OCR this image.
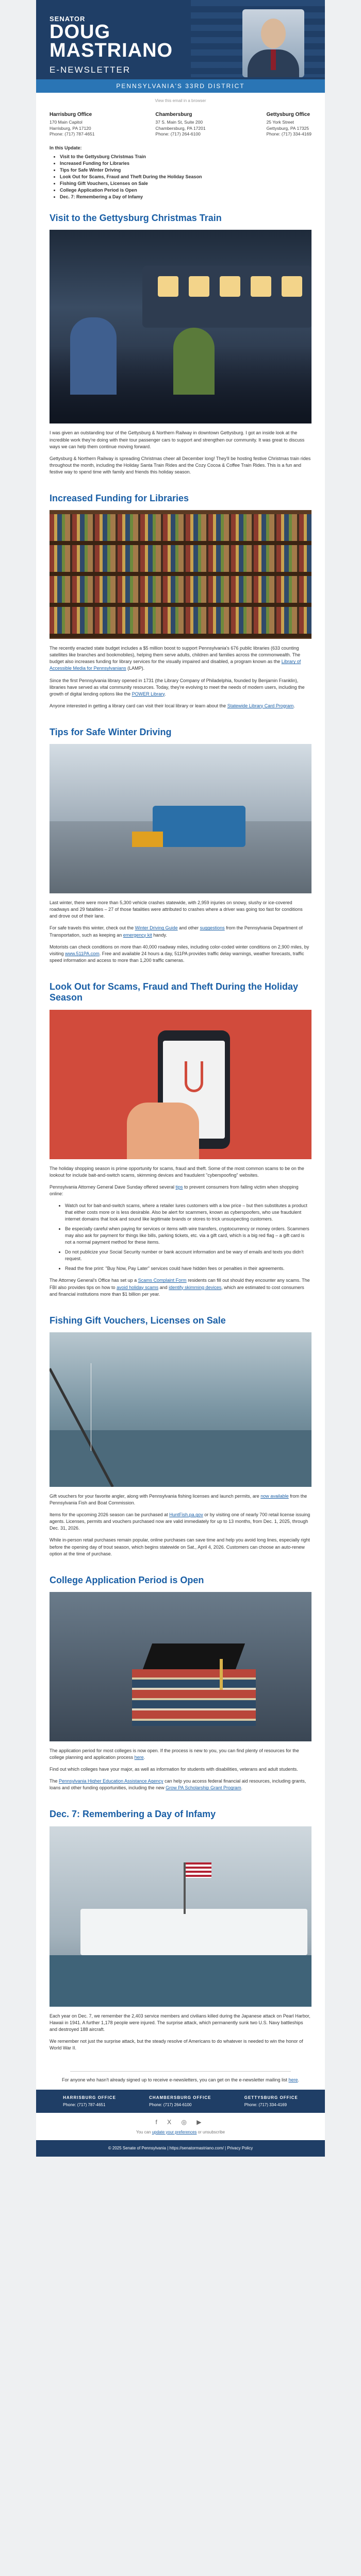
SENATOR
DOUG
MASTRIANO
E-NEWSLETTER
PENNSYLVANIA'S 33RD DISTRICT
View this email in a browser
Harrisburg Office

170 Main Capitol

Harrisburg, PA 17120

Phone: (717) 787-4651

Chambersburg

37 S. Main St, Suite 200

Chambersburg, PA 17201

Phone: (717) 264-6100

Gettysburg Office

25 York Street

Gettysburg, PA 17325

Phone: (717) 334-4169

In this Update:
• Visit to the Gettysburg Christmas Train
• Increased Funding for Libraries
• Tips for Safe Winter Driving
• Look Out for Scams, Fraud and Theft During the Holiday Season
• Fishing Gift Vouchers, Licenses on Sale
• College Application Period is Open
• Dec. 7: Remembering a Day of Infamy
Visit to the Gettysburg Christmas Train

I was given an outstanding tour of the Gettysburg & Northern Railway in downtown Gettysburg. I got an inside look at the incredible work they're doing with their tour passenger cars to support and strengthen our community. It was great to discuss ways we can help them continue moving forward.

Gettysburg & Northern Railway is spreading Christmas cheer all December long! They'll be hosting festive Christmas train rides throughout the month, including the Holiday Santa Train Rides and the Cozy Cocoa & Coffee Train Rides. This is a fun and festive way to spend time with family and friends this holiday season.

Increased Funding for Libraries

The recently enacted state budget includes a $5 million boost to support Pennsylvania's 676 public libraries (633 counting satellites like branches and bookmobiles), helping them serve adults, children and families across the commonwealth. The budget also increases funding for library services for the visually impaired and disabled, a program known as the Library of Accessible Media for Pennsylvanians (LAMP).

Since the first Pennsylvania library opened in 1731 (the Library Company of Philadelphia, founded by Benjamin Franklin), libraries have served as vital community resources. Today, they're evolving to meet the needs of modern users, including the growth of digital lending options like the POWER Library.

Anyone interested in getting a library card can visit their local library or learn about the Statewide Library Card Program.

Tips for Safe Winter Driving

Last winter, there were more than 5,300 vehicle crashes statewide, with 2,959 injuries on snowy, slushy or ice-covered roadways and 29 fatalities – 27 of those fatalities were attributed to crashes where a driver was going too fast for conditions and drove out of their lane.

For safe travels this winter, check out the Winter Driving Guide and other suggestions from the Pennsylvania Department of Transportation, such as keeping an emergency kit handy.

Motorists can check conditions on more than 40,000 roadway miles, including color-coded winter conditions on 2,900 miles, by visiting www.511PA.com. Free and available 24 hours a day, 511PA provides traffic delay warnings, weather forecasts, traffic speed information and access to more than 1,200 traffic cameras.

Look Out for Scams, Fraud and Theft During the Holiday Season

The holiday shopping season is prime opportunity for scams, fraud and theft. Some of the most common scams to be on the lookout for include bait-and-switch scams, skimming devices and fraudulent "cyberspoofing" websites.

Pennsylvania Attorney General Dave Sunday offered several tips to prevent consumers from falling victim when shopping online:

• Watch out for bait-and-switch scams, where a retailer lures customers with a low price – but then substitutes a product that either costs more or is less desirable. Also be alert for scammers, known as cyberspoofers, who use fraudulent internet domains that look and sound like legitimate brands or stores to trick unsuspecting customers.
• Be especially careful when paying for services or items with wire transfers, cryptocurrency or money orders. Scammers may also ask for payment for things like bills, parking tickets, etc. via a gift card, which is a big red flag – a gift card is not a normal payment method for these items.
• Do not publicize your Social Security number or bank account information and be wary of emails and texts you didn't request.
• Read the fine print: "Buy Now, Pay Later" services could have hidden fees or penalties in their agreements.

The Attorney General's Office has set up a Scams Complaint Form residents can fill out should they encounter any scams. The FBI also provides tips on how to avoid holiday scams and identify skimming devices, which are estimated to cost consumers and financial institutions more than $1 billion per year.

Fishing Gift Vouchers, Licenses on Sale

Gift vouchers for your favorite angler, along with Pennsylvania fishing licenses and launch permits, are now available from the Pennsylvania Fish and Boat Commission.

Items for the upcoming 2026 season can be purchased at HuntFish.pa.gov or by visiting one of nearly 700 retail license issuing agents. Licenses, permits and vouchers purchased now are valid immediately for up to 13 months, from Dec. 1, 2025, through Dec. 31, 2026.

While in-person retail purchases remain popular, online purchases can save time and help you avoid long lines, especially right before the opening day of trout season, which begins statewide on Sat., April 4, 2026. Customers can choose an auto-renew option at the time of purchase.

College Application Period is Open

The application period for most colleges is now open. If the process is new to you, you can find plenty of resources for the college planning and application process here.

Find out which colleges have your major, as well as information for students with disabilities, veterans and adult students.

The Pennsylvania Higher Education Assistance Agency can help you access federal financial aid resources, including grants, loans and other funding opportunities, including the new Grow PA Scholarship Grant Program.

Dec. 7: Remembering a Day of Infamy

Each year on Dec. 7, we remember the 2,403 service members and civilians killed during the Japanese attack on Pearl Harbor, Hawaii in 1941. A further 1,178 people were injured. The surprise attack, which permanently sunk two U.S. Navy battleships and destroyed 188 aircraft.

We remember not just the surprise attack, but the steady resolve of Americans to do whatever is needed to win the honor of World War II.

For anyone who hasn't already signed up to receive e-newsletters, you can get on the e-newsletter mailing list here.
HARRISBURG OFFICE

Phone: (717) 787-4651

CHAMBERSBURG OFFICE

Phone: (717) 264-6100

GETTYSBURG OFFICE

Phone: (717) 334-4169

f X ◎ ▶
You can update your preferences or unsubscribe
© 2025 Senate of Pennsylvania | https://senatormastriano.com/ | Privacy Policy
